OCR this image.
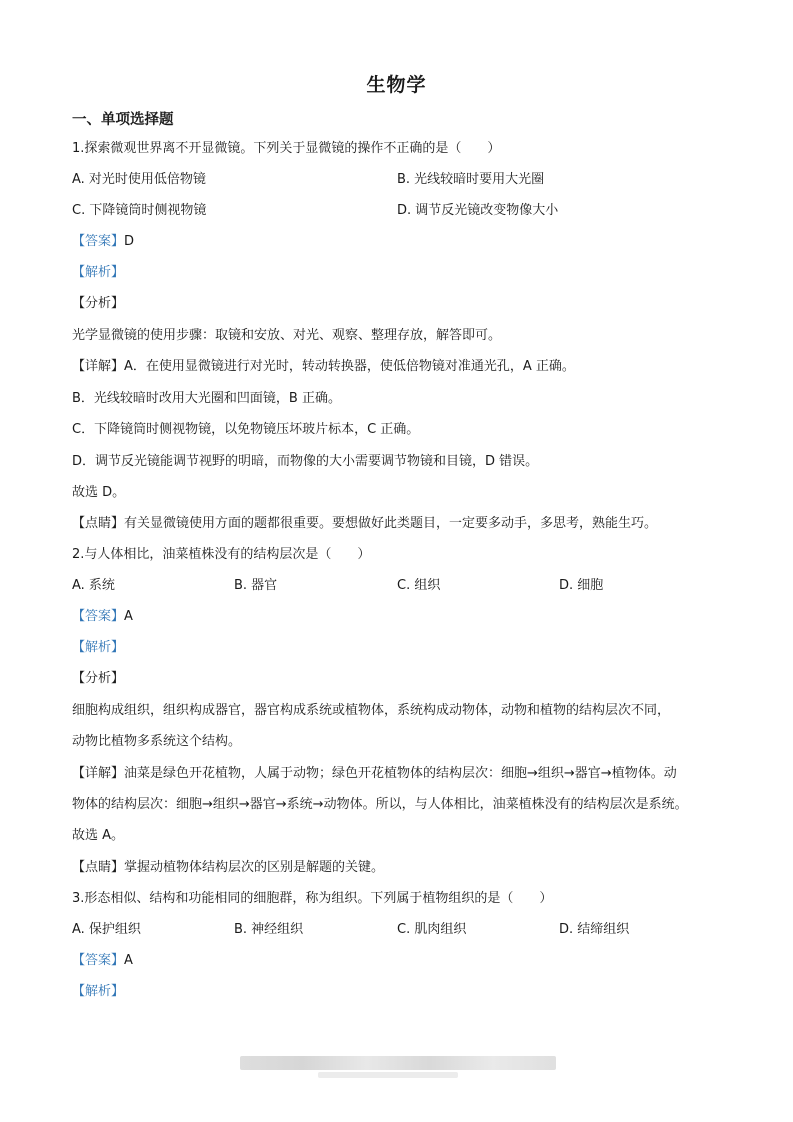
生物学
一、单项选择题
1.探索微观世界离不开显微镜。下列关于显微镜的操作不正确的是（　　）
A. 对光时使用低倍物镜	B. 光线较暗时要用大光圈
C. 下降镜筒时侧视物镜	D. 调节反光镜改变物像大小
【答案】D
【解析】
【分析】
光学显微镜的使用步骤：取镜和安放、对光、观察、整理存放，解答即可。
【详解】A．在使用显微镜进行对光时，转动转换器，使低倍物镜对准通光孔，A 正确。
B．光线较暗时改用大光圈和凹面镜，B 正确。
C．下降镜筒时侧视物镜，以免物镜压坏玻片标本，C 正确。
D．调节反光镜能调节视野的明暗，而物像的大小需要调节物镜和目镜，D 错误。
故选 D。
【点睛】有关显微镜使用方面的题都很重要。要想做好此类题目，一定要多动手，多思考，熟能生巧。
2.与人体相比，油菜植株没有的结构层次是（　　）
A. 系统	B. 器官	C. 组织	D. 细胞
【答案】A
【解析】
【分析】
细胞构成组织，组织构成器官，器官构成系统或植物体，系统构成动物体，动物和植物的结构层次不同，
动物比植物多系统这个结构。
【详解】油菜是绿色开花植物，人属于动物；绿色开花植物体的结构层次：细胞→组织→器官→植物体。动
物体的结构层次：细胞→组织→器官→系统→动物体。所以，与人体相比，油菜植株没有的结构层次是系统。
故选 A。
【点睛】掌握动植物体结构层次的区别是解题的关键。
3.形态相似、结构和功能相同的细胞群，称为组织。下列属于植物组织的是（　　）
A. 保护组织	B. 神经组织	C. 肌肉组织	D. 结缔组织
【答案】A
【解析】
